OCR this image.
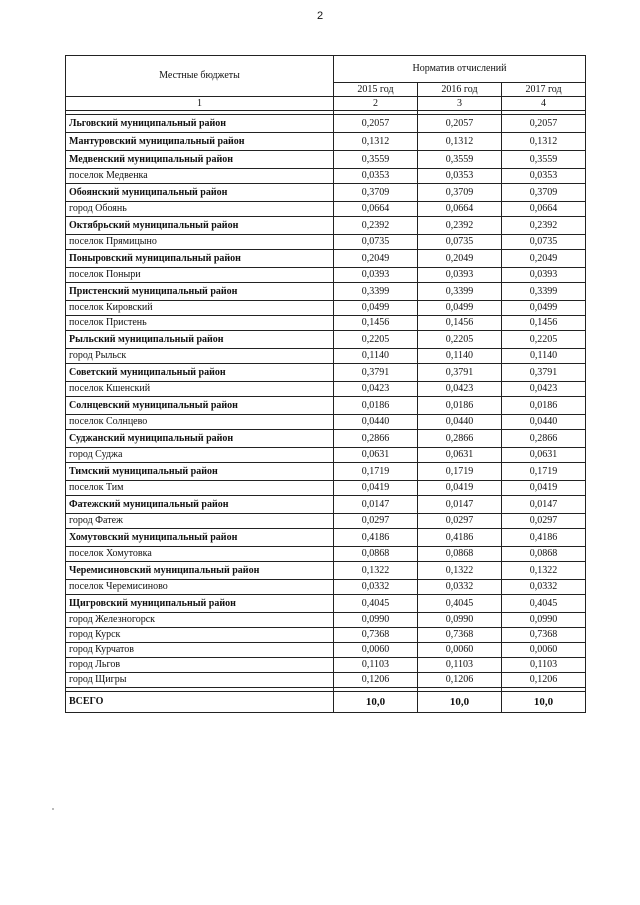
2
Местные бюджеты	Норматив отчислений		
	2015 год	2016 год	2017 год
1	2	3	4

Льговский муниципальный район	0,2057	0,2057	0,2057
Мантуровский муниципальный район	0,1312	0,1312	0,1312
Медвенский муниципальный район	0,3559	0,3559	0,3559
поселок Медвенка	0,0353	0,0353	0,0353
Обоянский муниципальный район	0,3709	0,3709	0,3709
город Обоянь	0,0664	0,0664	0,0664
Октябрьский муниципальный район	0,2392	0,2392	0,2392
поселок Прямицыно	0,0735	0,0735	0,0735
Поныровский муниципальный район	0,2049	0,2049	0,2049
поселок Поныри	0,0393	0,0393	0,0393
Пристенский муниципальный район	0,3399	0,3399	0,3399
поселок Кировский	0,0499	0,0499	0,0499
поселок Пристень	0,1456	0,1456	0,1456
Рыльский муниципальный район	0,2205	0,2205	0,2205
город Рыльск	0,1140	0,1140	0,1140
Советский муниципальный район	0,3791	0,3791	0,3791
поселок Кшенский	0,0423	0,0423	0,0423
Солнцевский муниципальный район	0,0186	0,0186	0,0186
поселок Солнцево	0,0440	0,0440	0,0440
Суджанский муниципальный район	0,2866	0,2866	0,2866
город Суджа	0,0631	0,0631	0,0631
Тимский муниципальный район	0,1719	0,1719	0,1719
поселок Тим	0,0419	0,0419	0,0419
Фатежский муниципальный район	0,0147	0,0147	0,0147
город Фатеж	0,0297	0,0297	0,0297
Хомутовский муниципальный район	0,4186	0,4186	0,4186
поселок Хомутовка	0,0868	0,0868	0,0868
Черемисиновский муниципальный район	0,1322	0,1322	0,1322
поселок Черемисиново	0,0332	0,0332	0,0332
Щигровский муниципальный район	0,4045	0,4045	0,4045
город Железногорск	0,0990	0,0990	0,0990
город Курск	0,7368	0,7368	0,7368
город Курчатов	0,0060	0,0060	0,0060
город Льгов	0,1103	0,1103	0,1103
город Щигры	0,1206	0,1206	0,1206

ВСЕГО	10,0	10,0	10,0
